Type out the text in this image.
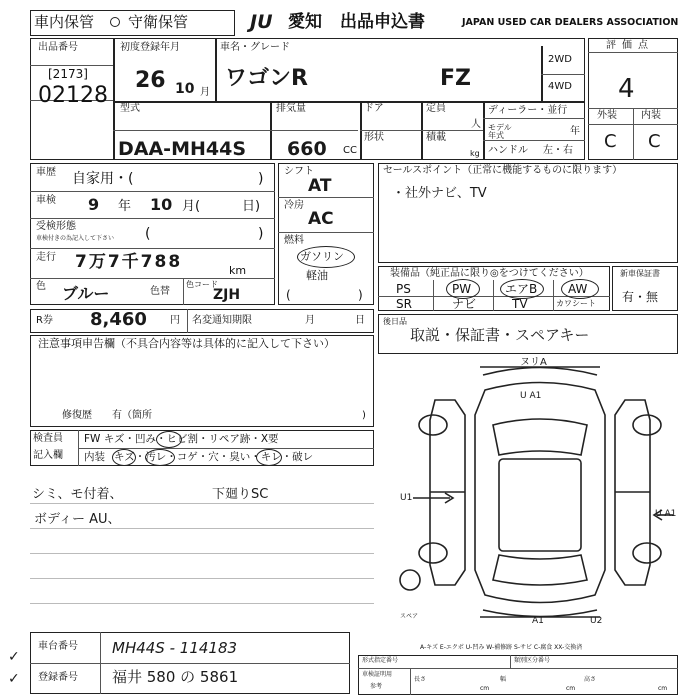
車内保管 守衛保管	JU 愛知 出品申込書	JAPAN USED CAR DEALERS ASSOCIATION
出品番号
[2173]
02128
初度登録年月
26 10 月
車名・グレード
ワゴンR	FZ
2WD
4WD
評価点
4
外装 内装
C C
型式
DAA-MH44S
排気量
660 CC
ドア
形状
定員
人
積載
kg
ディーラー・並行
モデル年式	年
ハンドル 左・右
車歴 自家用・(	)
車検 9 年 10 月(	日)
受検形態
車検付きの為記入して下さい (	)
走行 7万7千788	km
色 ブルー	色替
色コード
ZJH
シフト
AT
冷房
AC
燃料
ガソリン
軽油
(	)
セールスポイント（正常に機能するものに限ります）
・社外ナビ、TV
装備品（純正品に限り◎をつけてください）
PS	PW	エアB	AW
SR	ナビ	TV	カワシート
新車保証書
有・無
R券 8,460 円 名変通知期限	月	日
注意事項申告欄（不具合内容等は具体的に記入して下さい）
修復歴 有（箇所	)
後日品
取説・保証書・スペアキー
検査員
記入欄
FW キズ・凹み・ヒビ割・リペア跡・X要
内装 キズ・汚レ・コゲ・穴・臭い・キレ・破レ
シミ、モ付着、
ボディー AU、
下廻りSC
ヌリA
U A1
U1
U A1
A1	U2
スペア
A-キズ E-エクボ U-凹み W-補修跡 S-サビ C-腐食 XX-交換済
車台番号 MH44S - 114183
登録番号 福井 580 の 5861
✓
✓
形式指定番号	類別区分番号
車検証明用
参考
長さ
cm
幅
cm
高さ
cm
